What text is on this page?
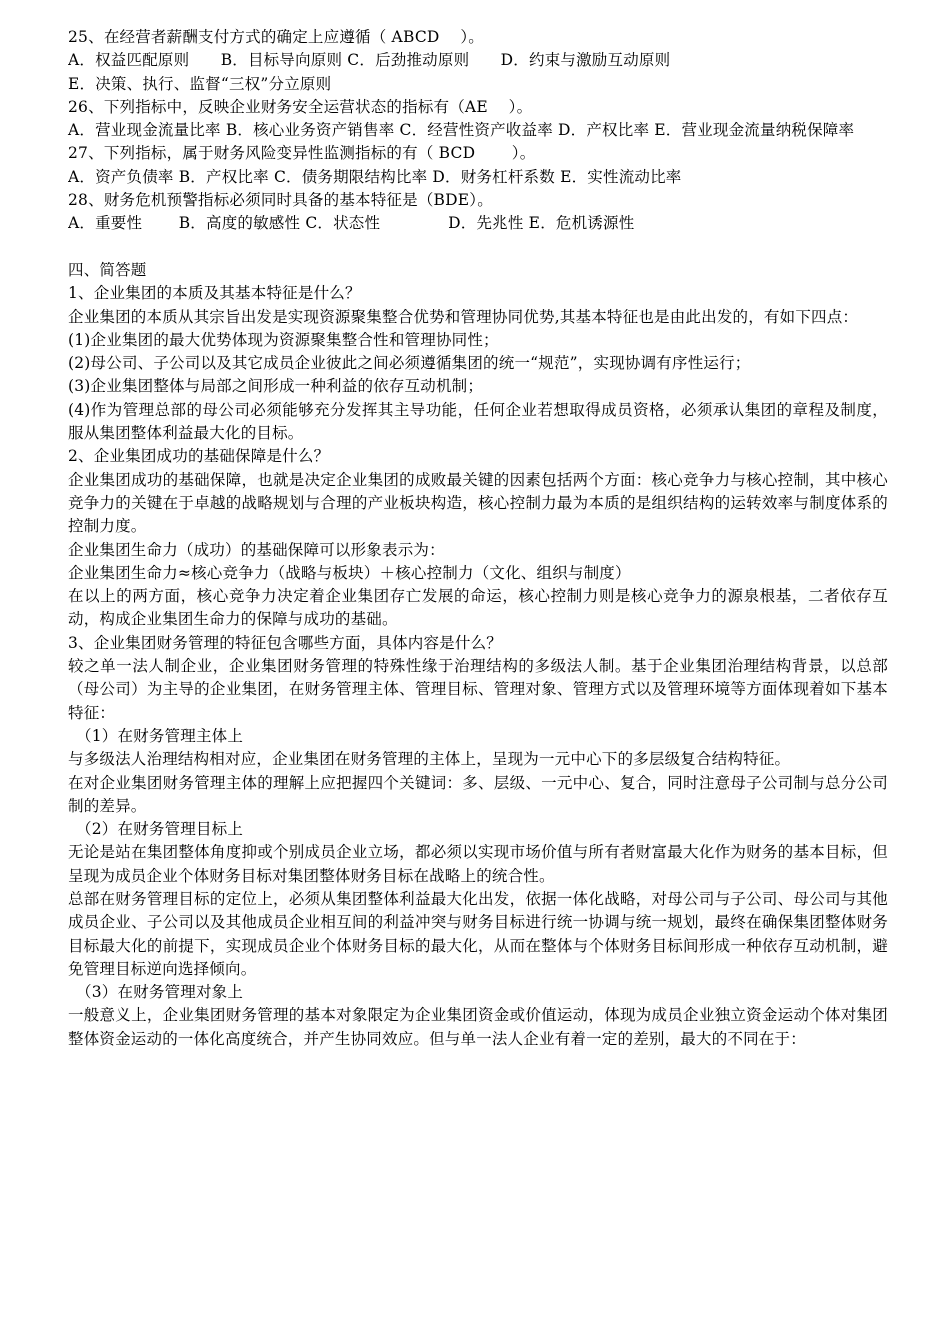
25、在经营者薪酬支付方式的确定上应遵循（ ABCD　 ）。
A．权益匹配原则　　B．目标导向原则 C．后劲推动原则　　D．约束与激励互动原则
E．决策、执行、监督“三权”分立原则
26、下列指标中，反映企业财务安全运营状态的指标有（AE　 ）。
A．营业现金流量比率 B．核心业务资产销售率 C．经营性资产收益率 D．产权比率 E．营业现金流量纳税保障率
27、下列指标，属于财务风险变异性监测指标的有（ BCD　　 ）。
A．资产负债率 B．产权比率 C．债务期限结构比率 D．财务杠杆系数 E．实性流动比率
28、财务危机预警指标必须同时具备的基本特征是（BDE）。
A．重要性　　 B．高度的敏感性 C．状态性　　　　 D．先兆性 E．危机诱源性
四、简答题
1、企业集团的本质及其基本特征是什么？
企业集团的本质从其宗旨出发是实现资源聚集整合优势和管理协同优势,其基本特征也是由此出发的，有如下四点：
(1)企业集团的最大优势体现为资源聚集整合性和管理协同性；
(2)母公司、子公司以及其它成员企业彼此之间必须遵循集团的统一“规范”，实现协调有序性运行；
(3)企业集团整体与局部之间形成一种利益的依存互动机制；
(4)作为管理总部的母公司必须能够充分发挥其主导功能，任何企业若想取得成员资格，必须承认集团的章程及制度，服从集团整体利益最大化的目标。
2、企业集团成功的基础保障是什么？
企业集团成功的基础保障，也就是决定企业集团的成败最关键的因素包括两个方面：核心竞争力与核心控制，其中核心竞争力的关键在于卓越的战略规划与合理的产业板块构造，核心控制力最为本质的是组织结构的运转效率与制度体系的控制力度。
企业集团生命力（成功）的基础保障可以形象表示为：
企业集团生命力≈核心竞争力（战略与板块）＋核心控制力（文化、组织与制度）
在以上的两方面，核心竞争力决定着企业集团存亡发展的命运，核心控制力则是核心竞争力的源泉根基，二者依存互动，构成企业集团生命力的保障与成功的基础。
3、企业集团财务管理的特征包含哪些方面，具体内容是什么？
较之单一法人制企业，企业集团财务管理的特殊性缘于治理结构的多级法人制。基于企业集团治理结构背景，以总部（母公司）为主导的企业集团，在财务管理主体、管理目标、管理对象、管理方式以及管理环境等方面体现着如下基本特征：
（1）在财务管理主体上
与多级法人治理结构相对应，企业集团在财务管理的主体上，呈现为一元中心下的多层级复合结构特征。
在对企业集团财务管理主体的理解上应把握四个关键词：多、层级、一元中心、复合，同时注意母子公司制与总分公司制的差异。
（2）在财务管理目标上
无论是站在集团整体角度抑或个别成员企业立场，都必须以实现市场价值与所有者财富最大化作为财务的基本目标，但呈现为成员企业个体财务目标对集团整体财务目标在战略上的统合性。
总部在财务管理目标的定位上，必须从集团整体利益最大化出发，依据一体化战略，对母公司与子公司、母公司与其他成员企业、子公司以及其他成员企业相互间的利益冲突与财务目标进行统一协调与统一规划，最终在确保集团整体财务目标最大化的前提下，实现成员企业个体财务目标的最大化，从而在整体与个体财务目标间形成一种依存互动机制，避免管理目标逆向选择倾向。
（3）在财务管理对象上
一般意义上，企业集团财务管理的基本对象限定为企业集团资金或价值运动，体现为成员企业独立资金运动个体对集团整体资金运动的一体化高度统合，并产生协同效应。但与单一法人企业有着一定的差别，最大的不同在于：
